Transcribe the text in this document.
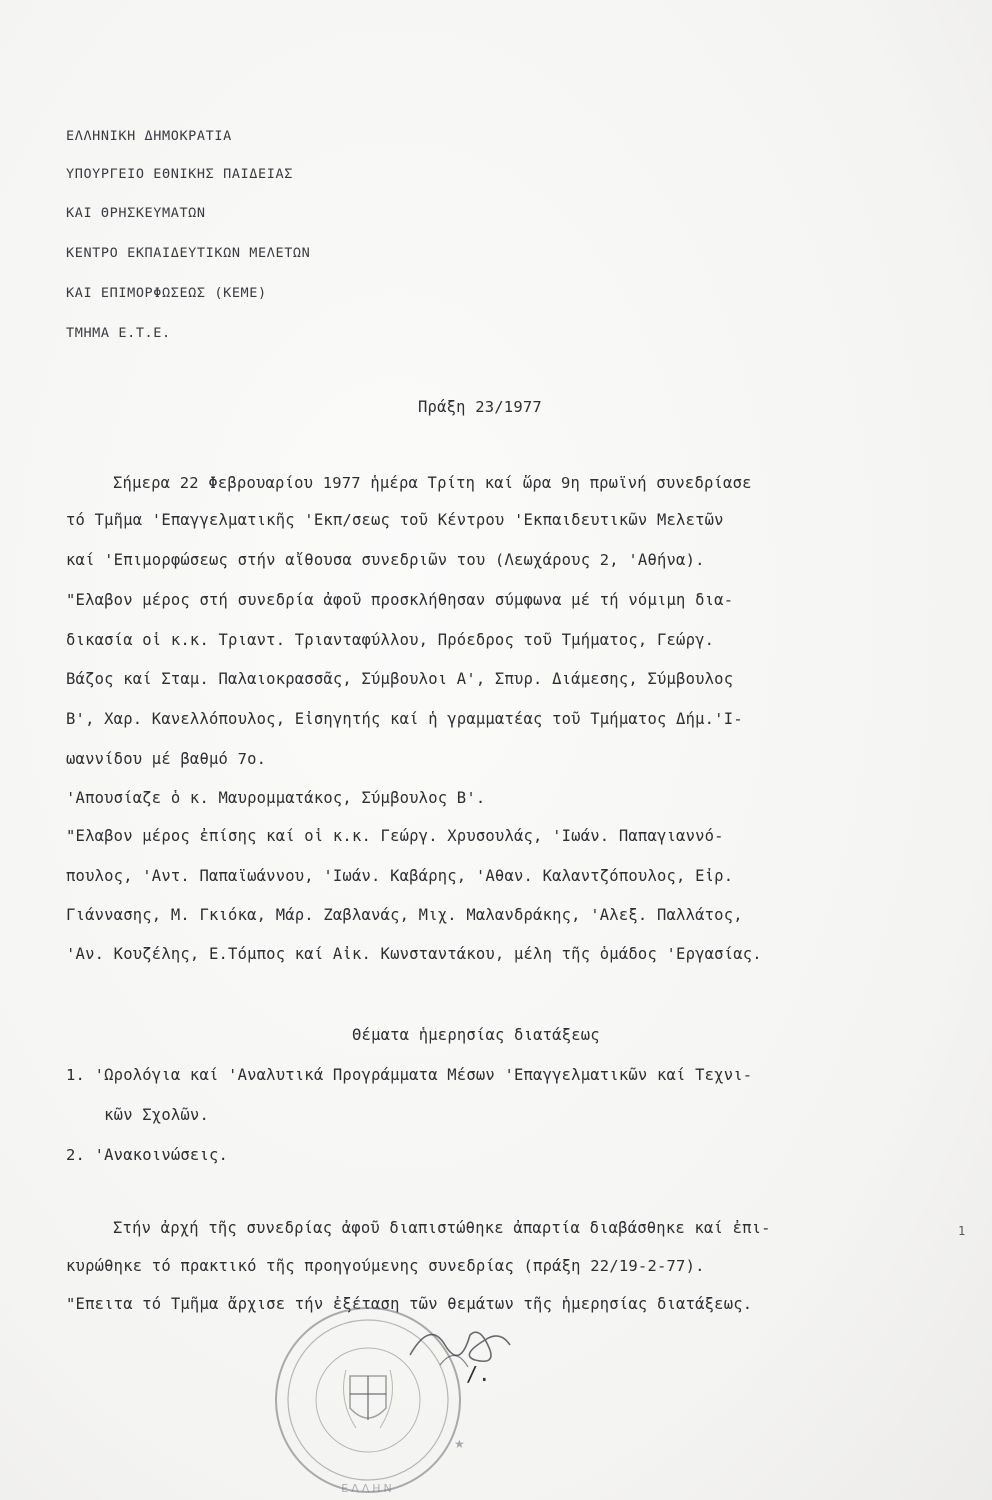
ΕΛΛΗΝΙΚΗ ΔΗΜΟΚΡΑΤΙΑ
ΥΠΟΥΡΓΕΙΟ ΕΘΝΙΚΗΣ ΠΑΙΔΕΙΑΣ
ΚΑΙ ΘΡΗΣΚΕΥΜΑΤΩΝ
ΚΕΝΤΡΟ ΕΚΠΑΙΔΕΥΤΙΚΩΝ ΜΕΛΕΤΩΝ
ΚΑΙ ΕΠΙΜΟΡΦΩΣΕΩΣ (ΚΕΜΕ)
ΤΜΗΜΑ Ε.Τ.Ε.
Πράξη 23/1977
Σήμερα 22 Φεβρουαρίου 1977 ἡμέρα Τρίτη καί ὥρα 9η πρωϊνή συνεδρίασε
τό Τμῆμα 'Επαγγελματικῆς 'Εκπ/σεως τοῦ Κέντρου 'Εκπαιδευτικῶν Μελετῶν
καί 'Επιμορφώσεως στήν αἴθουσα συνεδριῶν του (Λεωχάρους 2, 'Αθήνα).
"Ελαβον μέρος στή συνεδρία ἀφοῦ προσκλήθησαν σύμφωνα μέ τή νόμιμη δια-
δικασία οἱ κ.κ. Τριαντ. Τριανταφύλλου, Πρόεδρος τοῦ Τμήματος, Γεώργ.
Βάζος καί Σταμ. Παλαιοκρασσᾶς, Σύμβουλοι Α', Σπυρ. Διάμεσης, Σύμβουλος
Β', Χαρ. Κανελλόπουλος, Εἰσηγητής καί ἡ γραμματέας τοῦ Τμήματος Δήμ.'Ι-
ωαννίδου μέ βαθμό 7ο.
'Απουσίαζε ὁ κ. Μαυρομματάκος, Σύμβουλος Β'.
"Ελαβον μέρος ἐπίσης καί οἱ κ.κ. Γεώργ. Χρυσουλάς, 'Ιωάν. Παπαγιαννό-
πουλος, 'Αντ. Παπαϊωάννου, 'Ιωάν. Καβάρης, 'Αθαν. Καλαντζόπουλος, Εἰρ.
Γιάννασης, Μ. Γκιόκα, Μάρ. Ζαβλανάς, Μιχ. Μαλανδράκης, 'Αλεξ. Παλλάτος,
'Αν. Κουζέλης, Ε.Τόμπος καί Αἰκ. Κωνσταντάκου, μέλη τῆς ὁμάδος 'Εργασίας.
Θέματα ἡμερησίας διατάξεως
1. 'Ωρολόγια καί 'Αναλυτικά Προγράμματα Μέσων 'Επαγγελματικῶν καί Τεχνι-
κῶν Σχολῶν.
2. 'Ανακοινώσεις.
Στήν ἀρχή τῆς συνεδρίας ἀφοῦ διαπιστώθηκε ἀπαρτία διαβάσθηκε καί ἐπι-
κυρώθηκε τό πρακτικό τῆς προηγούμενης συνεδρίας (πράξη 22/19-2-77).
"Επειτα τό Τμῆμα ἄρχισε τήν ἐξέταση τῶν θεμάτων τῆς ἡμερησίας διατάξεως.
/.
1
★
ΕΛΛΗΝ
